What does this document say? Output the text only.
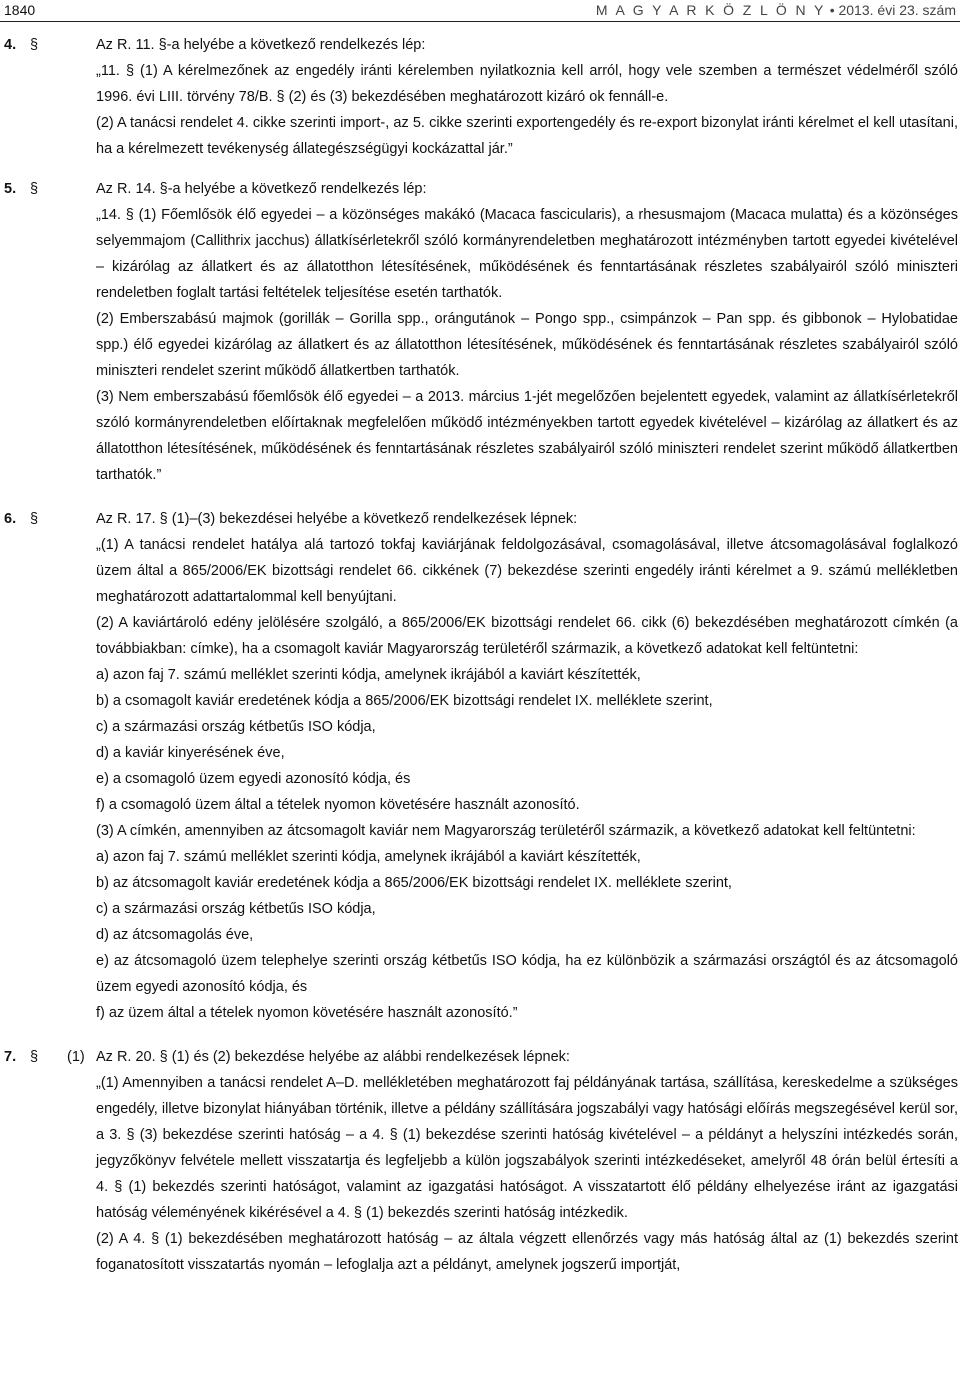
1840	M A G Y A R K Ö Z L Ö N Y • 2013. évi 23. szám
4. §	Az R. 11. §-a helyébe a következő rendelkezés lép:

„11. § (1) A kérelmezőnek az engedély iránti kérelemben nyilatkoznia kell arról, hogy vele szemben a természet védelméről szóló 1996. évi LIII. törvény 78/B. § (2) és (3) bekezdésében meghatározott kizáró ok fennáll-e.

(2) A tanácsi rendelet 4. cikke szerinti import-, az 5. cikke szerinti exportengedély és re-export bizonylat iránti kérelmet el kell utasítani, ha a kérelmezett tevékenység állategészségügyi kockázattal jár.”

5. §	Az R. 14. §-a helyébe a következő rendelkezés lép:

„14. § (1) Főemlősök élő egyedei – a közönséges makákó (Macaca fascicularis), a rhesusmajom (Macaca mulatta) és a közönséges selyemmajom (Callithrix jacchus) állatkísérletekről szóló kormányrendeletben meghatározott intézményben tartott egyedei kivételével – kizárólag az állatkert és az állatotthon létesítésének, működésének és fenntartásának részletes szabályairól szóló miniszteri rendeletben foglalt tartási feltételek teljesítése esetén tarthatók.

(2) Emberszabású majmok (gorillák – Gorilla spp., orángutánok – Pongo spp., csimpánzok – Pan spp. és gibbonok – Hylobatidae spp.) élő egyedei kizárólag az állatkert és az állatotthon létesítésének, működésének és fenntartásának részletes szabályairól szóló miniszteri rendelet szerint működő állatkertben tarthatók.

(3) Nem emberszabású főemlősök élő egyedei – a 2013. március 1-jét megelőzően bejelentett egyedek, valamint az állatkísérletekről szóló kormányrendeletben előírtaknak megfelelően működő intézményekben tartott egyedek kivételével – kizárólag az állatkert és az állatotthon létesítésének, működésének és fenntartásának részletes szabályairól szóló miniszteri rendelet szerint működő állatkertben tarthatók.”

6. §	Az R. 17. § (1)–(3) bekezdései helyébe a következő rendelkezések lépnek:

„(1) A tanácsi rendelet hatálya alá tartozó tokfaj kaviárjának feldolgozásával, csomagolásával, illetve átcsomagolásával foglalkozó üzem által a 865/2006/EK bizottsági rendelet 66. cikkének (7) bekezdése szerinti engedély iránti kérelmet a 9. számú mellékletben meghatározott adattartalommal kell benyújtani.

(2) A kaviártároló edény jelölésére szolgáló, a 865/2006/EK bizottsági rendelet 66. cikk (6) bekezdésében meghatározott címkén (a továbbiakban: címke), ha a csomagolt kaviár Magyarország területéről származik, a következő adatokat kell feltüntetni:

a) azon faj 7. számú melléklet szerinti kódja, amelynek ikrájából a kaviárt készítették,

b) a csomagolt kaviár eredetének kódja a 865/2006/EK bizottsági rendelet IX. melléklete szerint,

c) a származási ország kétbetűs ISO kódja,

d) a kaviár kinyerésének éve,

e) a csomagoló üzem egyedi azonosító kódja, és

f) a csomagoló üzem által a tételek nyomon követésére használt azonosító.

(3) A címkén, amennyiben az átcsomagolt kaviár nem Magyarország területéről származik, a következő adatokat kell feltüntetni:

a) azon faj 7. számú melléklet szerinti kódja, amelynek ikrájából a kaviárt készítették,

b) az átcsomagolt kaviár eredetének kódja a 865/2006/EK bizottsági rendelet IX. melléklete szerint,

c) a származási ország kétbetűs ISO kódja,

d) az átcsomagolás éve,

e) az átcsomagoló üzem telephelye szerinti ország kétbetűs ISO kódja, ha ez különbözik a származási országtól és az átcsomagoló üzem egyedi azonosító kódja, és

f) az üzem által a tételek nyomon követésére használt azonosító.”

7. § (1) Az R. 20. § (1) és (2) bekezdése helyébe az alábbi rendelkezések lépnek:

„(1) Amennyiben a tanácsi rendelet A–D. mellékletében meghatározott faj példányának tartása, szállítása, kereskedelme a szükséges engedély, illetve bizonylat hiányában történik, illetve a példány szállítására jogszabályi vagy hatósági előírás megszegésével kerül sor, a 3. § (3) bekezdése szerinti hatóság – a 4. § (1) bekezdése szerinti hatóság kivételével – a példányt a helyszíni intézkedés során, jegyzőkönyv felvétele mellett visszatartja és legfeljebb a külön jogszabályok szerinti intézkedéseket, amelyről 48 órán belül értesíti a 4. § (1) bekezdés szerinti hatóságot, valamint az igazgatási hatóságot. A visszatartott élő példány elhelyezése iránt az igazgatási hatóság véleményének kikérésével a 4. § (1) bekezdés szerinti hatóság intézkedik.

(2) A 4. § (1) bekezdésében meghatározott hatóság – az általa végzett ellenőrzés vagy más hatóság által az (1) bekezdés szerint foganatosított visszatartás nyomán – lefoglalja azt a példányt, amelynek jogszerű importját,
